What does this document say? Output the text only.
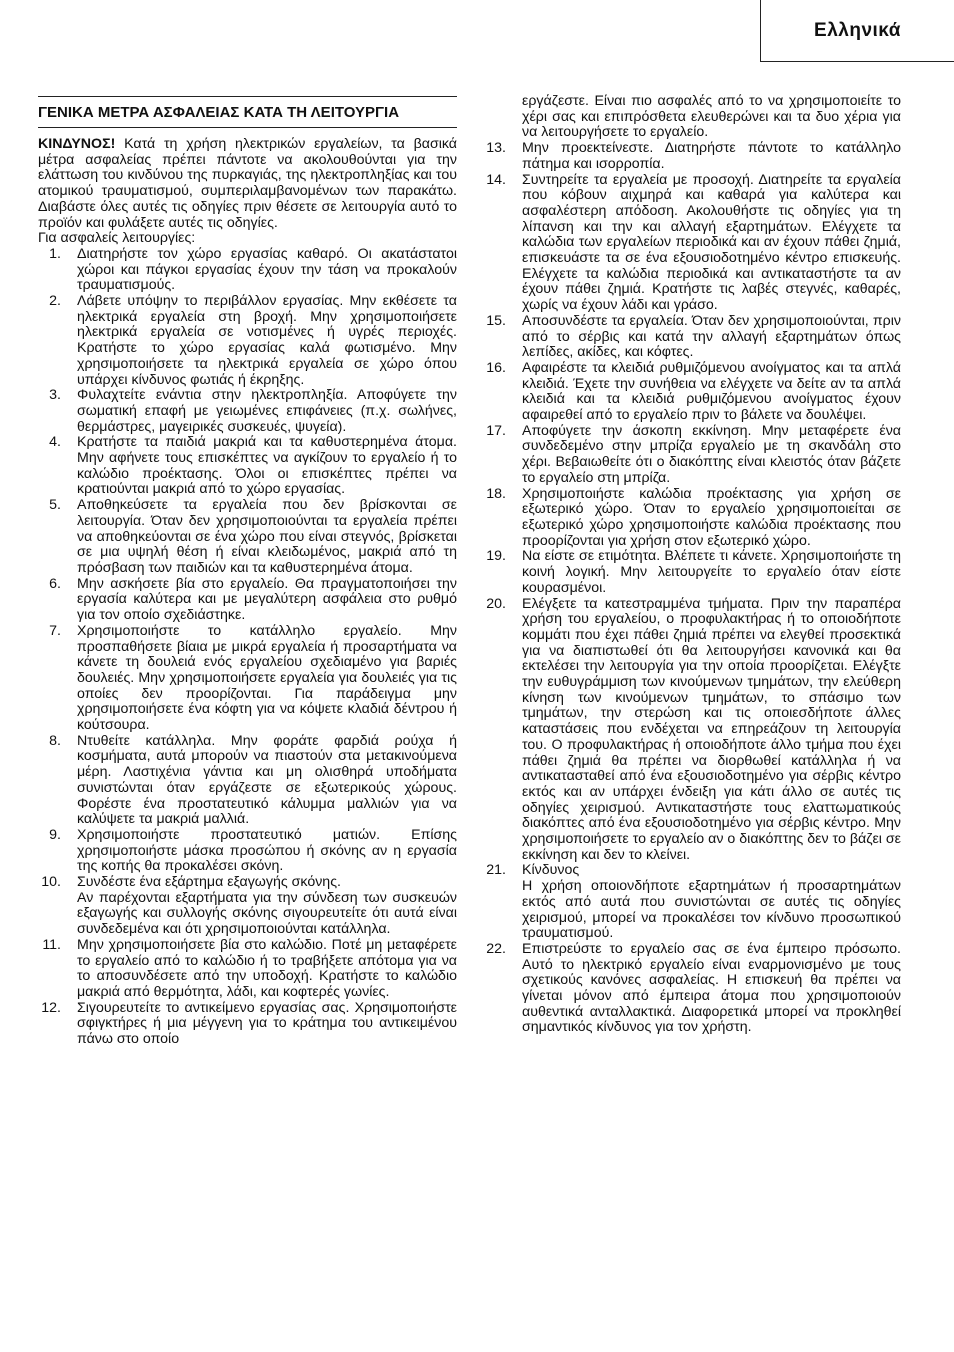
Ελληνικά
ΓΕΝΙΚΑ ΜΕΤΡΑ ΑΣΦΑΛΕΙΑΣ ΚΑΤΑ ΤΗ ΛΕΙΤΟΥΡΓΙΑ

ΚΙΝΔΥΝΟΣ! Κατά τη χρήση ηλεκτρικών εργαλείων, τα βασικά μέτρα ασφαλείας πρέπει πάντοτε να ακολουθούνται για την ελάττωση του κινδύνου της πυρκαγιάς, της ηλεκτροπληξίας και του ατομικού τραυματισμού, συμπεριλαμβανομένων των παρακάτω. Διαβάστε όλες αυτές τις οδηγίες πριν θέσετε σε λειτουργία αυτό το προϊόν και φυλάξετε αυτές τις οδηγίες.

Για ασφαλείς λειτουργίες:

1.	Διατηρήστε τον χώρο εργασίας καθαρό. Οι ακατάστατοι χώροι και πάγκοι εργασίας έχουν την τάση να προκαλούν τραυματισμούς.
2.	Λάβετε υπόψην το περιβάλλον εργασίας. Μην εκθέσετε τα ηλεκτρικά εργαλεία στη βροχή. Μην χρησιμοποιήσετε ηλεκτρικά εργαλεία σε νοτισμένες ή υγρές περιοχές. Κρατήστε το χώρο εργασίας καλά φωτισμένο. Μην χρησιμοποιήσετε τα ηλεκτρικά εργαλεία σε χώρο όπου υπάρχει κίνδυνος φωτιάς ή έκρηξης.
3.	Φυλαχτείτε ενάντια στην ηλεκτροπληξία. Αποφύγετε την σωματική επαφή με γειωμένες επιφάνειες (π.χ. σωλήνες, θερμάστρες, μαγειρικές συσκευές, ψυγεία).
4.	Κρατήστε τα παιδιά μακριά και τα καθυστερημένα άτομα. Μην αφήνετε τους επισκέπτες να αγκίζουν το εργαλείο ή το καλώδιο προέκτασης. Όλοι οι επισκέπτες πρέπει να κρατιούνται μακριά από το χώρο εργασίας.
5.	Αποθηκεύσετε τα εργαλεία που δεν βρίσκονται σε λειτουργία. Όταν δεν χρησιμοποιούνται τα εργαλεία πρέπει να αποθηκεύονται σε ένα χώρο που είναι στεγνός, βρίσκεται σε μια υψηλή θέση ή είναι κλειδωμένος, μακριά από τη πρόσβαση των παιδιών και τα καθυστερημένα άτομα.
6.	Μην ασκήσετε βία στο εργαλείο. Θα πραγματοποιήσει την εργασία καλύτερα και με μεγαλύτερη ασφάλεια στο ρυθμό για τον οποίο σχεδιάστηκε.
7.	Χρησιμοποιήστε το κατάλληλο εργαλείο. Μην προσπαθήσετε βίαια με μικρά εργαλεία ή προσαρτήματα να κάνετε τη δουλειά ενός εργαλείου σχεδιαμένο για βαριές δουλειές. Μην χρησιμοποιήσετε εργαλεία για δουλειές για τις οποίες δεν προορίζονται. Για παράδειγμα μην χρησιμοποιήσετε ένα κόφτη για να κόψετε κλαδιά δέντρου ή κούτσουρα.
8.	Ντυθείτε κατάλληλα. Μην φοράτε φαρδιά ρούχα ή κοσμήματα, αυτά μπορούν να πιαστούν στα μετακινούμενα μέρη. Λαστιχένια γάντια και μη ολισθηρά υποδήματα συνιστώνται όταν εργάζεστε σε εξωτερικούς χώρους. Φορέστε ένα προστατευτικό κάλυμμα μαλλιών για να καλύψετε τα μακριά μαλλιά.
9.	Χρησιμοποιήστε προστατευτικό ματιών. Επίσης χρησιμοποιήστε μάσκα προσώπου ή σκόνης αν η εργασία της κοπής θα προκαλέσει σκόνη.
10.	Συνδέστε ένα εξάρτημα εξαγωγής σκόνης.
Αν παρέχονται εξαρτήματα για την σύνδεση των συσκευών εξαγωγής και συλλογής σκόνης σιγουρευτείτε ότι αυτά είναι συνδεδεμένα και ότι χρησιμοποιούνται κατάλληλα.
11.	Μην χρησιμοποιήσετε βία στο καλώδιο. Ποτέ μη μεταφέρετε το εργαλείο από το καλώδιο ή το τραβήξετε απότομα για να το αποσυνδέσετε από την υποδοχή. Κρατήστε το καλώδιο μακριά από θερμότητα, λάδι, και κοφτερές γωνίες.
12.	Σιγουρευτείτε το αντικείμενο εργασίας σας. Χρησιμοποιήστε σφιγκτήρες ή μια μέγγενη για το κράτημα του αντικειμένου πάνω στο οποίο
εργάζεστε. Είναι πιο ασφαλές από το να χρησιμοποιείτε το χέρι σας και επιπρόσθετα ελευθερώνει και τα δυο χέρια για να λειτουργήσετε το εργαλείο.
13.	Μην προεκτείνεστε. Διατηρήστε πάντοτε το κατάλληλο πάτημα και ισορροπία.
14.	Συντηρείτε τα εργαλεία με προσοχή. Διατηρείτε τα εργαλεία που κόβουν αιχμηρά και καθαρά για καλύτερα και ασφαλέστερη απόδοση. Ακολουθήστε τις οδηγίες για τη λίπανση και την και αλλαγή εξαρτημάτων. Ελέγχετε τα καλώδια των εργαλείων περιοδικά και αν έχουν πάθει ζημιά, επισκευάστε τα σε ένα εξουσιοδοτημένο κέντρο επισκευής. Ελέγχετε τα καλώδια περιοδικά και αντικαταστήστε τα αν έχουν πάθει ζημιά. Κρατήστε τις λαβές στεγνές, καθαρές, χωρίς να έχουν λάδι και γράσο.
15.	Αποσυνδέστε τα εργαλεία. Όταν δεν χρησιμοποιούνται, πριν από το σέρβις και κατά την αλλαγή εξαρτημάτων όπως λεπίδες, ακίδες, και κόφτες.
16.	Αφαιρέστε τα κλειδιά ρυθμιζόμενου ανοίγματος και τα απλά κλειδιά. Έχετε την συνήθεια να ελέγχετε να δείτε αν τα απλά κλειδιά και τα κλειδιά ρυθμιζόμενου ανοίγματος έχουν αφαιρεθεί από το εργαλείο πριν το βάλετε να δουλέψει.
17.	Αποφύγετε την άσκοπη εκκίνηση. Μην μεταφέρετε ένα συνδεδεμένο στην μπρίζα εργαλείο με τη σκανδάλη στο χέρι. Βεβαιωθείτε ότι ο διακόπτης είναι κλειστός όταν βάζετε το εργαλείο στη μπρίζα.
18.	Χρησιμοποιήστε καλώδια προέκτασης για χρήση σε εξωτερικό χώρο. Όταν το εργαλείο χρησιμοποιείται σε εξωτερικό χώρο χρησιμοποιήστε καλώδια προέκτασης που προορίζονται για χρήση στον εξωτερικό χώρο.
19.	Να είστε σε ετιμότητα. Βλέπετε τι κάνετε. Χρησιμοποιήστε τη κοινή λογική. Μην λειτουργείτε το εργαλείο όταν είστε κουρασμένοι.
20.	Ελέγξετε τα κατεστραμμένα τμήματα. Πριν την παραπέρα χρήση του εργαλείου, ο προφυλακτήρας ή το οποιοδήποτε κομμάτι που έχει πάθει ζημιά πρέπει να ελεγθεί προσεκτικά για να διαπιστωθεί ότι θα λειτουργήσει κανονικά και θα εκτελέσει την λειτουργία για την οποία προορίζεται. Ελέγξτε την ευθυγράμμιση των κινούμενων τμημάτων, την ελεύθερη κίνηση των κινούμενων τμημάτων, το σπάσιμο των τμημάτων, την στερώση και τις οποιεσδήποτε άλλες καταστάσεις που ενδέχεται να επηρεάζουν τη λειτουργία του. Ο προφυλακτήρας ή οποιοδήποτε άλλο τμήμα που έχει πάθει ζημιά θα πρέπει να διορθωθεί κατάλληλα ή να αντικατασταθεί από ένα εξουσιοδοτημένο για σέρβις κέντρο εκτός και αν υπάρχει ένδειξη για κάτι άλλο σε αυτές τις οδηγίες χειρισμού. Αντικαταστήστε τους ελαττωματικούς διακόπτες από ένα εξουσιοδοτημένο για σέρβις κέντρο. Μην χρησιμοποιήσετε το εργαλείο αν ο διακόπτης δεν το βάζει σε εκκίνηση και δεν το κλείνει.
21.	Κίνδυνος
Η χρήση οποιονδήποτε εξαρτημάτων ή προσαρτημάτων εκτός από αυτά που συνιστώνται σε αυτές τις οδηγίες χειρισμού, μπορεί να προκαλέσει τον κίνδυνο προσωπικού τραυματισμού.
22.	Επιστρεύστε το εργαλείο σας σε ένα έμπειρο πρόσωπο. Αυτό το ηλεκτρικό εργαλείο είναι εναρμονισμένο με τους σχετικούς κανόνες ασφαλείας. Η επισκευή θα πρέπει να γίνεται μόνον από έμπειρα άτομα που χρησιμοποιούν αυθεντικά ανταλλακτικά. Διαφορετικά μπορεί να προκληθεί σημαντικός κίνδυνος για τον χρήστη.
